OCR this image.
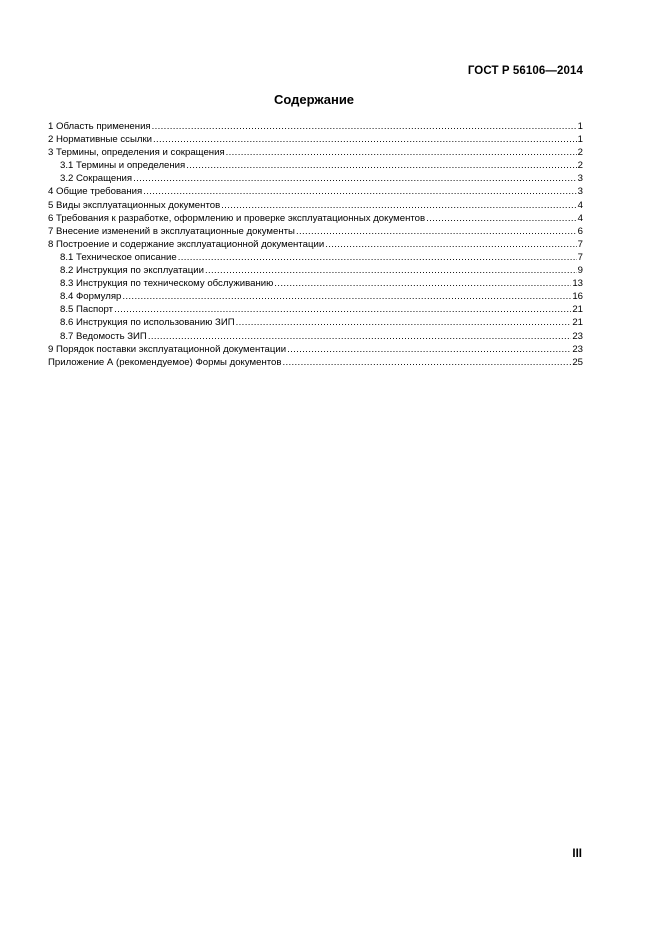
ГОСТ Р 56106—2014
Содержание
1 Область применения .....	1
2 Нормативные ссылки .....	1
3 Термины, определения и сокращения .....	2
3.1 Термины и определения .....	2
3.2 Сокращения .....	3
4 Общие требования .....	3
5 Виды эксплуатационных документов .....	4
6 Требования к разработке, оформлению и проверке эксплуатационных документов .....	4
7 Внесение изменений в эксплуатационные документы .....	6
8 Построение и содержание эксплуатационной документации .....	7
8.1 Техническое описание .....	7
8.2 Инструкция по эксплуатации .....	9
8.3 Инструкция по техническому обслуживанию .....	13
8.4 Формуляр .....	16
8.5 Паспорт .....	21
8.6 Инструкция по использованию ЗИП .....	21
8.7 Ведомость ЗИП .....	23
9 Порядок поставки эксплуатационной документации .....	23
Приложение А (рекомендуемое) Формы документов .....	25
III
